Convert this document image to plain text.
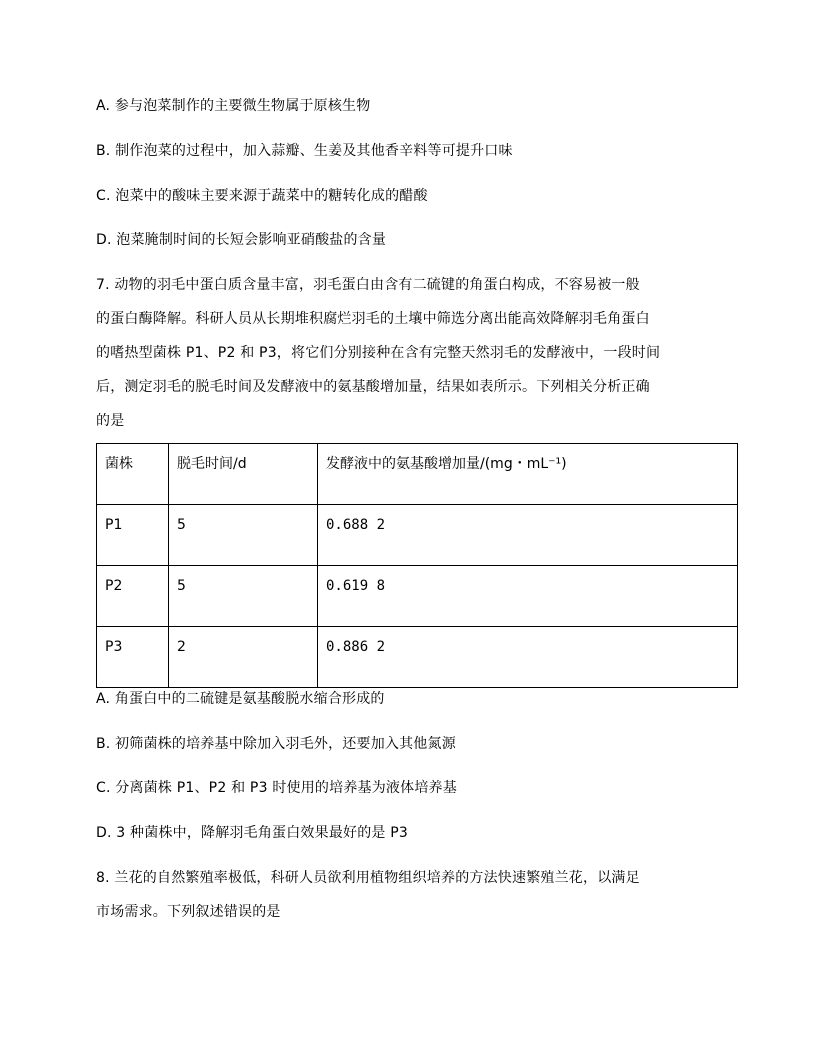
A. 参与泡菜制作的主要微生物属于原核生物
B. 制作泡菜的过程中，加入蒜瓣、生姜及其他香辛料等可提升口味
C. 泡菜中的酸味主要来源于蔬菜中的糖转化成的醋酸
D. 泡菜腌制时间的长短会影响亚硝酸盐的含量
7. 动物的羽毛中蛋白质含量丰富，羽毛蛋白由含有二硫键的角蛋白构成，不容易被一般
的蛋白酶降解。科研人员从长期堆积腐烂羽毛的土壤中筛选分离出能高效降解羽毛角蛋白
的嗜热型菌株 P1、P2 和 P3，将它们分别接种在含有完整天然羽毛的发酵液中，一段时间
后，测定羽毛的脱毛时间及发酵液中的氨基酸增加量，结果如表所示。下列相关分析正确
的是
菌株	脱毛时间/d	发酵液中的氨基酸增加量/(mg・mL⁻¹)
P1	5	0.688 2
P2	5	0.619 8
P3	2	0.886 2
A. 角蛋白中的二硫键是氨基酸脱水缩合形成的
B. 初筛菌株的培养基中除加入羽毛外，还要加入其他氮源
C. 分离菌株 P1、P2 和 P3 时使用的培养基为液体培养基
D. 3 种菌株中，降解羽毛角蛋白效果最好的是 P3
8. 兰花的自然繁殖率极低，科研人员欲利用植物组织培养的方法快速繁殖兰花，以满足
市场需求。下列叙述错误的是
